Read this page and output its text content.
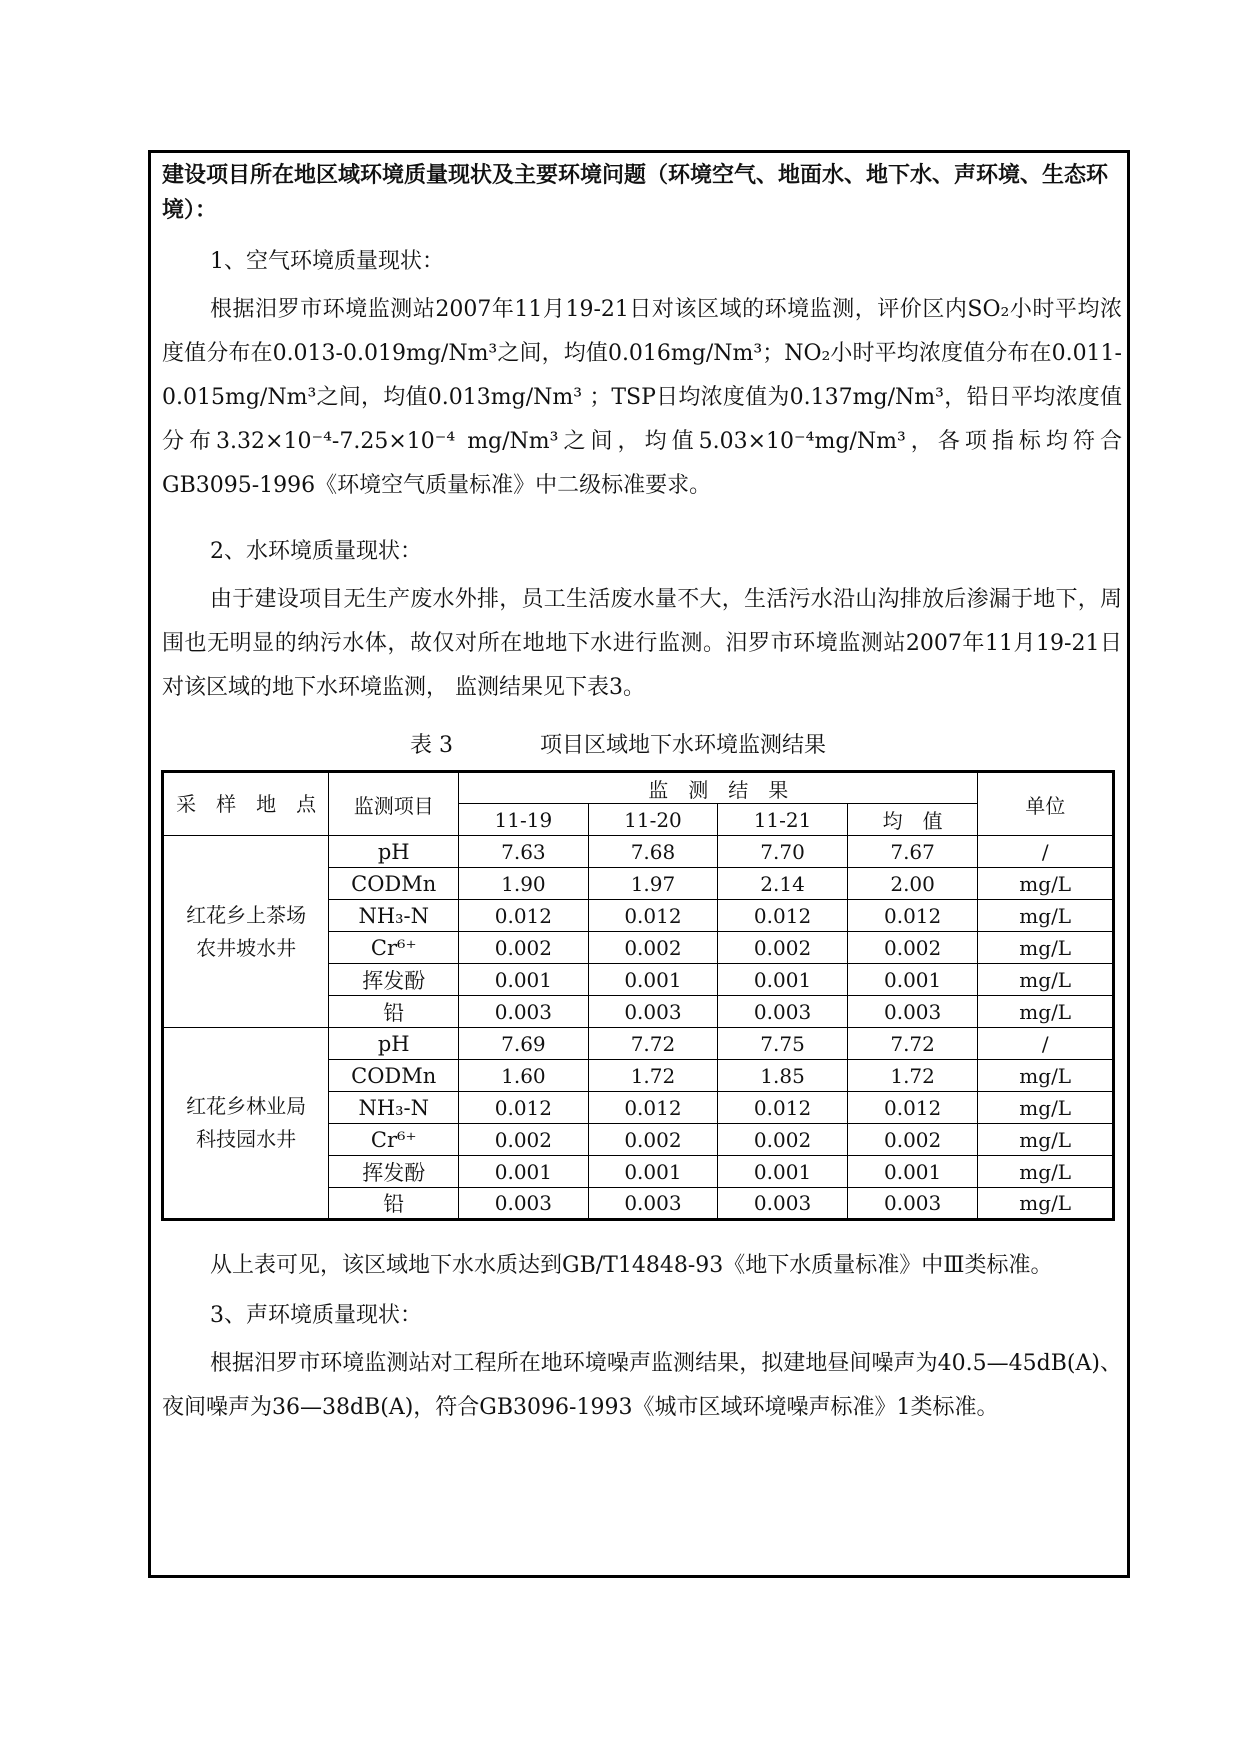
建设项目所在地区域环境质量现状及主要环境问题（环境空气、地面水、地下水、声环境、生态环境）：
1、空气环境质量现状：
根据汨罗市环境监测站2007年11月19-21日对该区域的环境监测，评价区内SO₂小时平均浓度值分布在0.013-0.019mg/Nm³之间，均值0.016mg/Nm³；NO₂小时平均浓度值分布在0.011-0.015mg/Nm³之间，均值0.013mg/Nm³ ；TSP日均浓度值为0.137mg/Nm³，铅日平均浓度值分布3.32×10⁻⁴-7.25×10⁻⁴ mg/Nm³之间，均值5.03×10⁻⁴mg/Nm³，各项指标均符合GB3095-1996《环境空气质量标准》中二级标准要求。
2、水环境质量现状：
由于建设项目无生产废水外排，员工生活废水量不大，生活污水沿山沟排放后渗漏于地下，周围也无明显的纳污水体，故仅对所在地地下水进行监测。汨罗市环境监测站2007年11月19-21日对该区域的地下水环境监测， 监测结果见下表3。
表 3	项目区域地下水环境监测结果
采　样　地　点	监测项目	监　测　结　果				单位
		11-19	11-20	11-21	均　值	
红花乡上茶场农井坡水井	pH	7.63	7.68	7.70	7.67	/
	CODMn	1.90	1.97	2.14	2.00	mg/L
	NH₃-N	0.012	0.012	0.012	0.012	mg/L
	Cr⁶⁺	0.002	0.002	0.002	0.002	mg/L
	挥发酚	0.001	0.001	0.001	0.001	mg/L
	铅	0.003	0.003	0.003	0.003	mg/L
红花乡林业局科技园水井	pH	7.69	7.72	7.75	7.72	/
	CODMn	1.60	1.72	1.85	1.72	mg/L
	NH₃-N	0.012	0.012	0.012	0.012	mg/L
	Cr⁶⁺	0.002	0.002	0.002	0.002	mg/L
	挥发酚	0.001	0.001	0.001	0.001	mg/L
	铅	0.003	0.003	0.003	0.003	mg/L
从上表可见，该区域地下水水质达到GB/T14848-93《地下水质量标准》中Ⅲ类标准。
3、声环境质量现状：
根据汨罗市环境监测站对工程所在地环境噪声监测结果，拟建地昼间噪声为40.5—45dB(A)、夜间噪声为36—38dB(A)，符合GB3096-1993《城市区域环境噪声标准》1类标准。
